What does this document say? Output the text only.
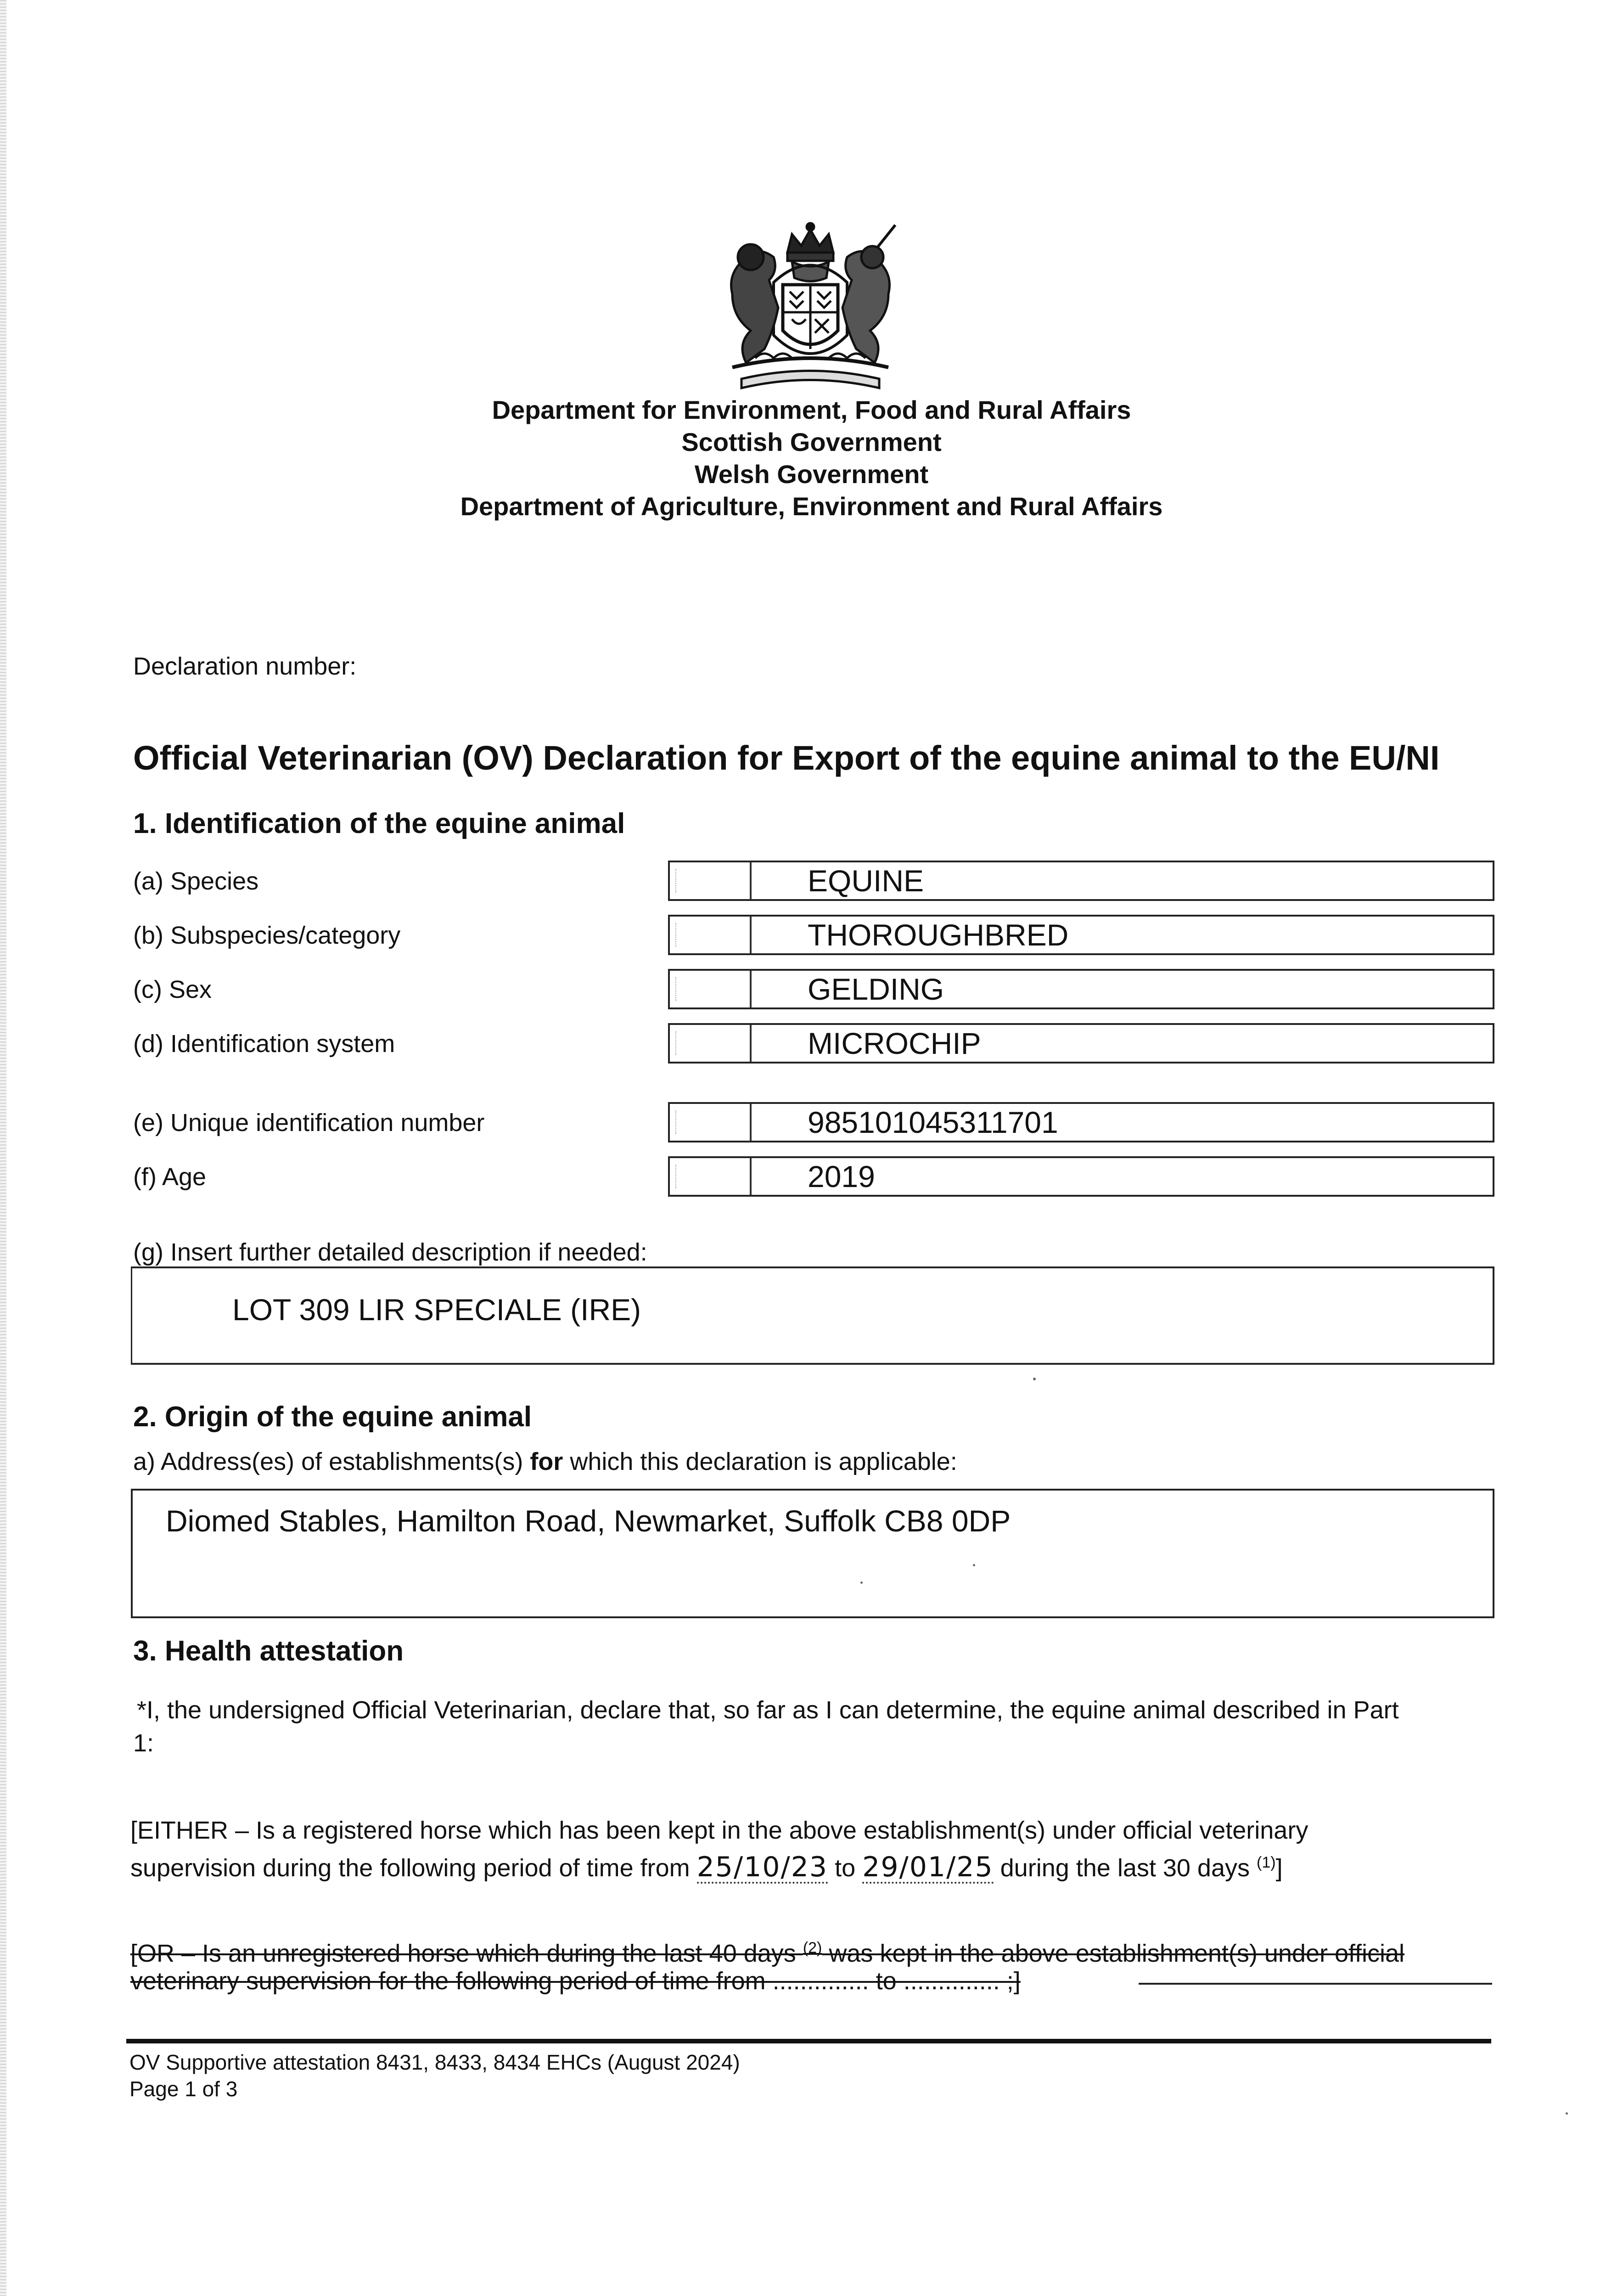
Department for Environment, Food and Rural Affairs
Scottish Government
Welsh Government
Department of Agriculture, Environment and Rural Affairs
Declaration number:
Official Veterinarian (OV) Declaration for Export of the equine animal to the EU/NI
1. Identification of the equine animal
(a) Species	EQUINE
(b) Subspecies/category	THOROUGHBRED
(c) Sex	GELDING
(d) Identification system	MICROCHIP
(e) Unique identification number	985101045311701
(f) Age	2019
(g) Insert further detailed description if needed:
LOT 309 LIR SPECIALE (IRE)
2. Origin of the equine animal
a) Address(es) of establishments(s) for which this declaration is applicable:
Diomed Stables, Hamilton Road, Newmarket, Suffolk CB8 0DP
3. Health attestation
*I, the undersigned Official Veterinarian, declare that, so far as I can determine, the equine animal described in Part
1:
[EITHER – Is a registered horse which has been kept in the above establishment(s) under official veterinary
supervision during the following period of time from 25/10/23 to 29/01/25 during the last 30 days $^{(1)}$]
[OR – Is an unregistered horse which during the last 40 days $^{(2)}$ was kept in the above establishment(s) under official
veterinary supervision for the following period of time from .............. to .............. ;]
OV Supportive attestation 8431, 8433, 8434 EHCs (August 2024)
Page 1 of 3
